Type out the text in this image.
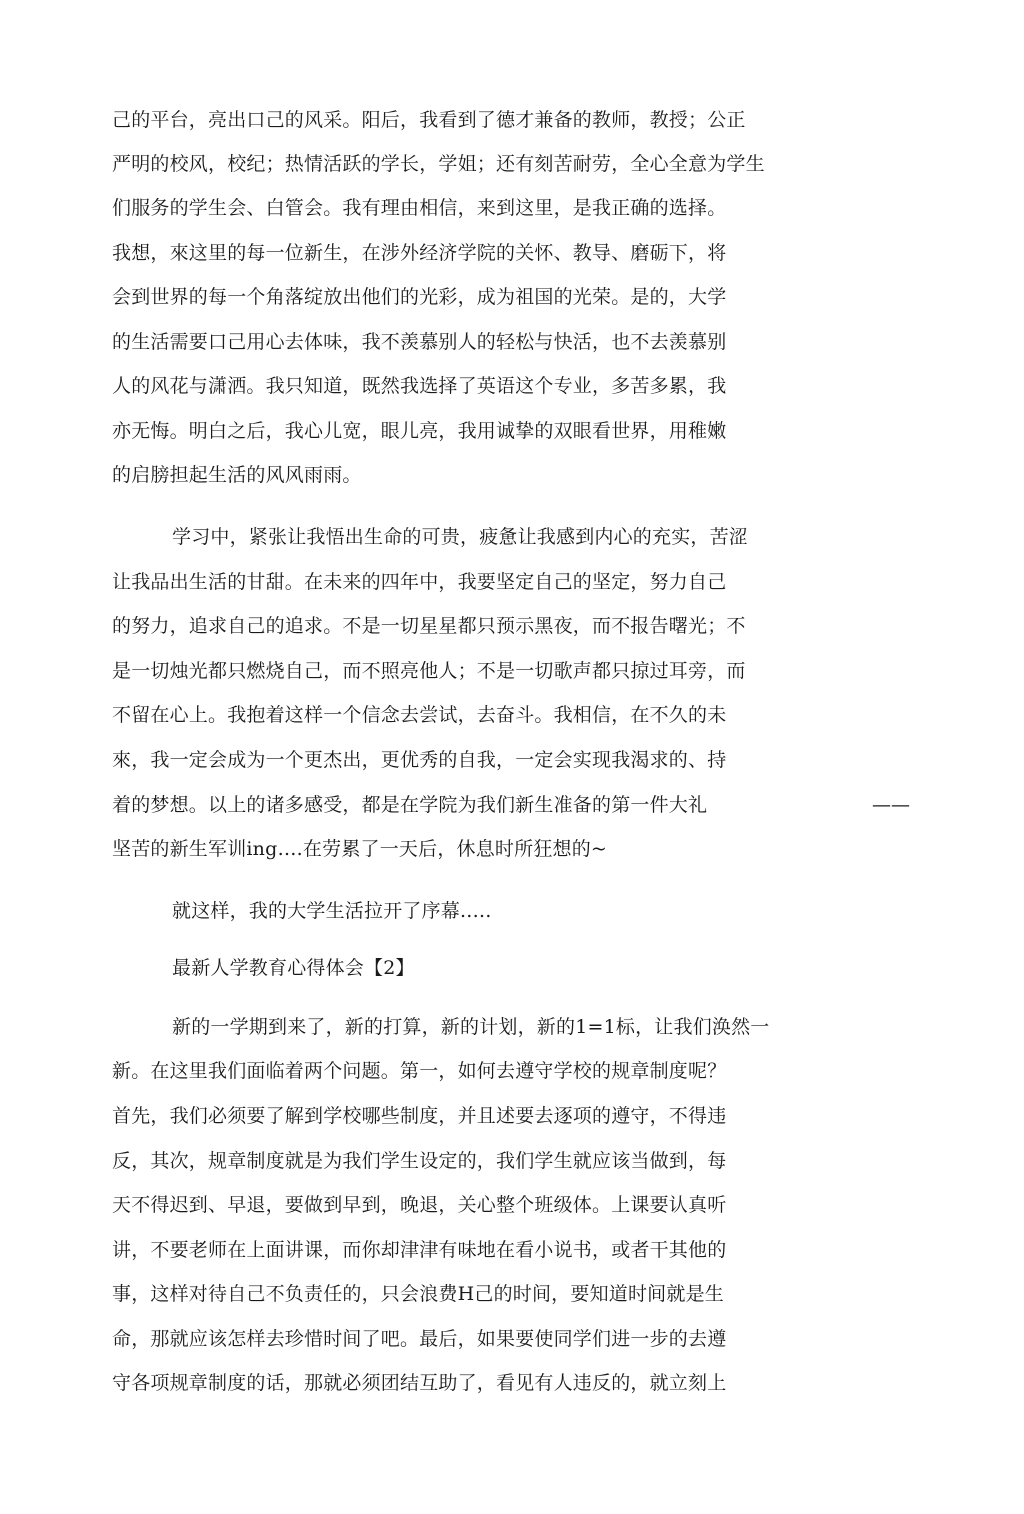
己的平台，亮出口己的风采。阳后，我看到了德才兼备的教师，教授；公正
严明的校风，校纪；热情活跃的学长，学姐；还有刻苦耐劳，全心全意为学生
们服务的学生会、白管会。我有理由相信，来到这里，是我正确的选择。
我想，來这里的每一位新生，在涉外经济学院的关怀、教导、磨砺下，将
会到世界的每一个角落绽放出他们的光彩，成为祖国的光荣。是的，大学
的生活需要口己用心去体味，我不羡慕别人的轻松与快活，也不去羡慕别
人的风花与潇洒。我只知道，既然我选择了英语这个专业，多苦多累，我
亦无悔。明白之后，我心儿宽，眼儿亮，我用诚挚的双眼看世界，用稚嫩
的启膀担起生活的风风雨雨。
学习中，紧张让我悟出生命的可贵，疲惫让我感到内心的充实，苦涩
让我品出生活的甘甜。在未来的四年中，我要坚定自己的坚定，努力自己
的努力，追求自己的追求。不是一切星星都只预示黑夜，而不报告曙光；不
是一切烛光都只燃烧自己，而不照亮他人；不是一切歌声都只掠过耳旁，而
不留在心上。我抱着这样一个信念去尝试，去奋斗。我相信，在不久的未
來，我一定会成为一个更杰出，更优秀的自我，一定会实现我渴求的、持
着的梦想。以上的诸多感受，都是在学院为我们新生准备的第一件大礼	——
坚苦的新生军训ing….在劳累了一天后，休息时所狂想的~
就这样，我的大学生活拉开了序幕..…
最新人学教育心得体会【2】
新的一学期到来了，新的打算，新的计划，新的1=1标，让我们涣然一
新。在这里我们面临着两个问题。第一，如何去遵守学校的规章制度呢？
首先，我们必须要了解到学校哪些制度，并且述要去逐项的遵守，不得违
反，其次，规章制度就是为我们学生设定的，我们学生就应该当做到，每
天不得迟到、早退，要做到早到，晚退，关心整个班级体。上课要认真听
讲，不要老师在上面讲课，而你却津津有味地在看小说书，或者干其他的
事，这样对待自己不负责任的，只会浪费H己的时间，要知道时间就是生
命，那就应该怎样去珍惜时间了吧。最后，如果要使同学们进一步的去遵
守各项规章制度的话，那就必须团结互助了，看见有人违反的，就立刻上
